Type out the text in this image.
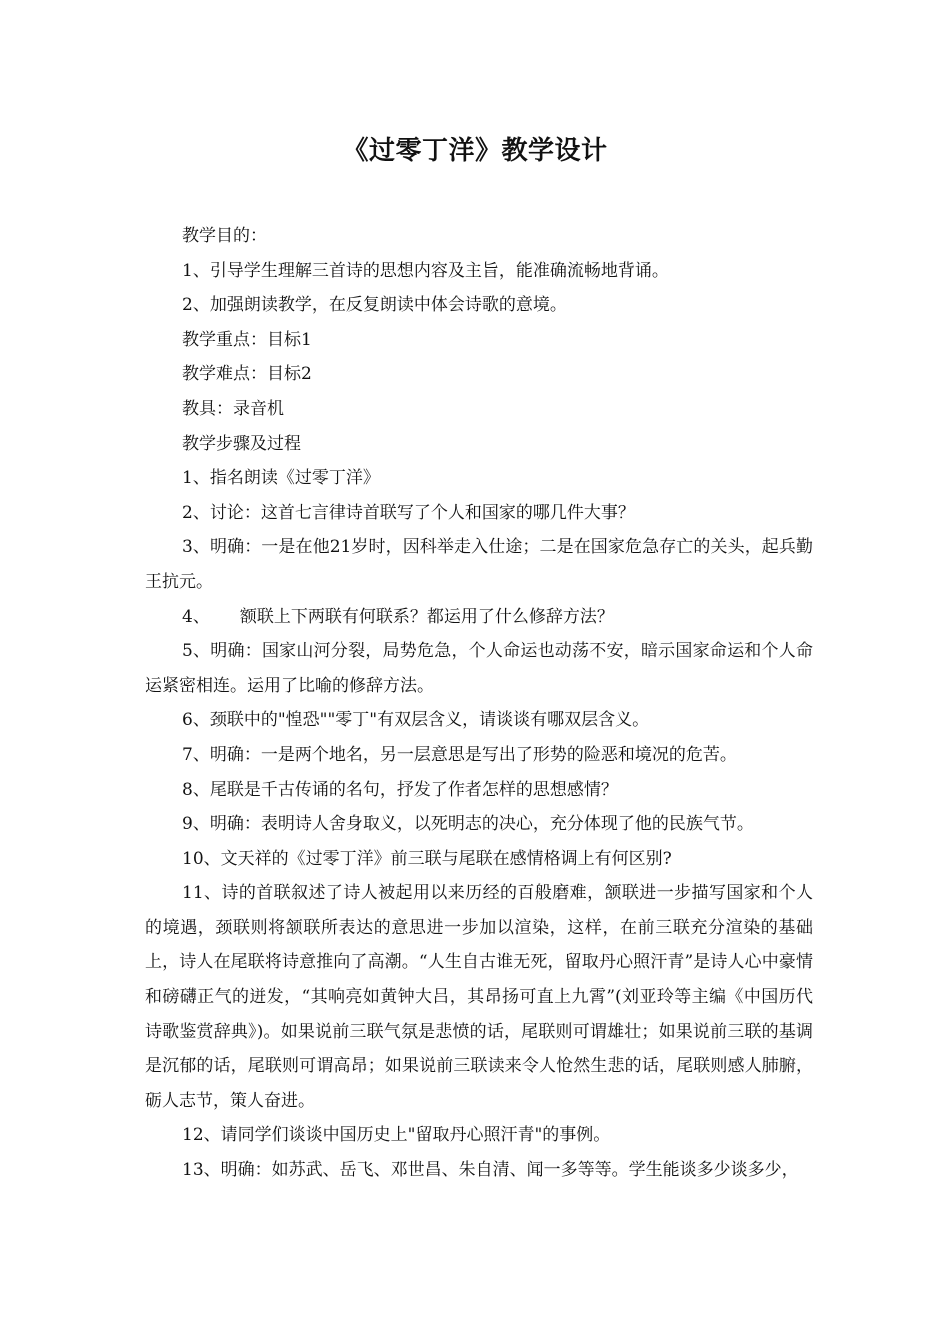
《过零丁洋》教学设计

教学目的：

1、引导学生理解三首诗的思想内容及主旨，能准确流畅地背诵。

2、加强朗读教学，在反复朗读中体会诗歌的意境。

教学重点：目标1

教学难点：目标2

教具：录音机

教学步骤及过程

1、指名朗读《过零丁洋》

2、讨论：这首七言律诗首联写了个人和国家的哪几件大事？

3、明确：一是在他21岁时，因科举走入仕途；二是在国家危急存亡的关头，起兵勤王抗元。

4、 额联上下两联有何联系？都运用了什么修辞方法？

5、明确：国家山河分裂，局势危急，个人命运也动荡不安，暗示国家命运和个人命运紧密相连。运用了比喻的修辞方法。

6、颈联中的"惶恐""零丁"有双层含义，请谈谈有哪双层含义。

7、明确：一是两个地名，另一层意思是写出了形势的险恶和境况的危苦。

8、尾联是千古传诵的名句，抒发了作者怎样的思想感情？

9、明确：表明诗人舍身取义，以死明志的决心，充分体现了他的民族气节。

10、文天祥的《过零丁洋》前三联与尾联在感情格调上有何区别?

11、诗的首联叙述了诗人被起用以来历经的百般磨难，颔联进一步描写国家和个人的境遇，颈联则将颔联所表达的意思进一步加以渲染，这样，在前三联充分渲染的基础上，诗人在尾联将诗意推向了高潮。“人生自古谁无死，留取丹心照汗青”是诗人心中豪情和磅礴正气的迸发，“其响亮如黄钟大吕，其昂扬可直上九霄”(刘亚玲等主编《中国历代诗歌鉴赏辞典》)。如果说前三联气氛是悲愤的话，尾联则可谓雄壮；如果说前三联的基调是沉郁的话，尾联则可谓高昂；如果说前三联读来令人怆然生悲的话，尾联则感人肺腑，砺人志节，策人奋进。

12、请同学们谈谈中国历史上"留取丹心照汗青"的事例。

13、明确：如苏武、岳飞、邓世昌、朱自清、闻一多等等。学生能谈多少谈多少，
